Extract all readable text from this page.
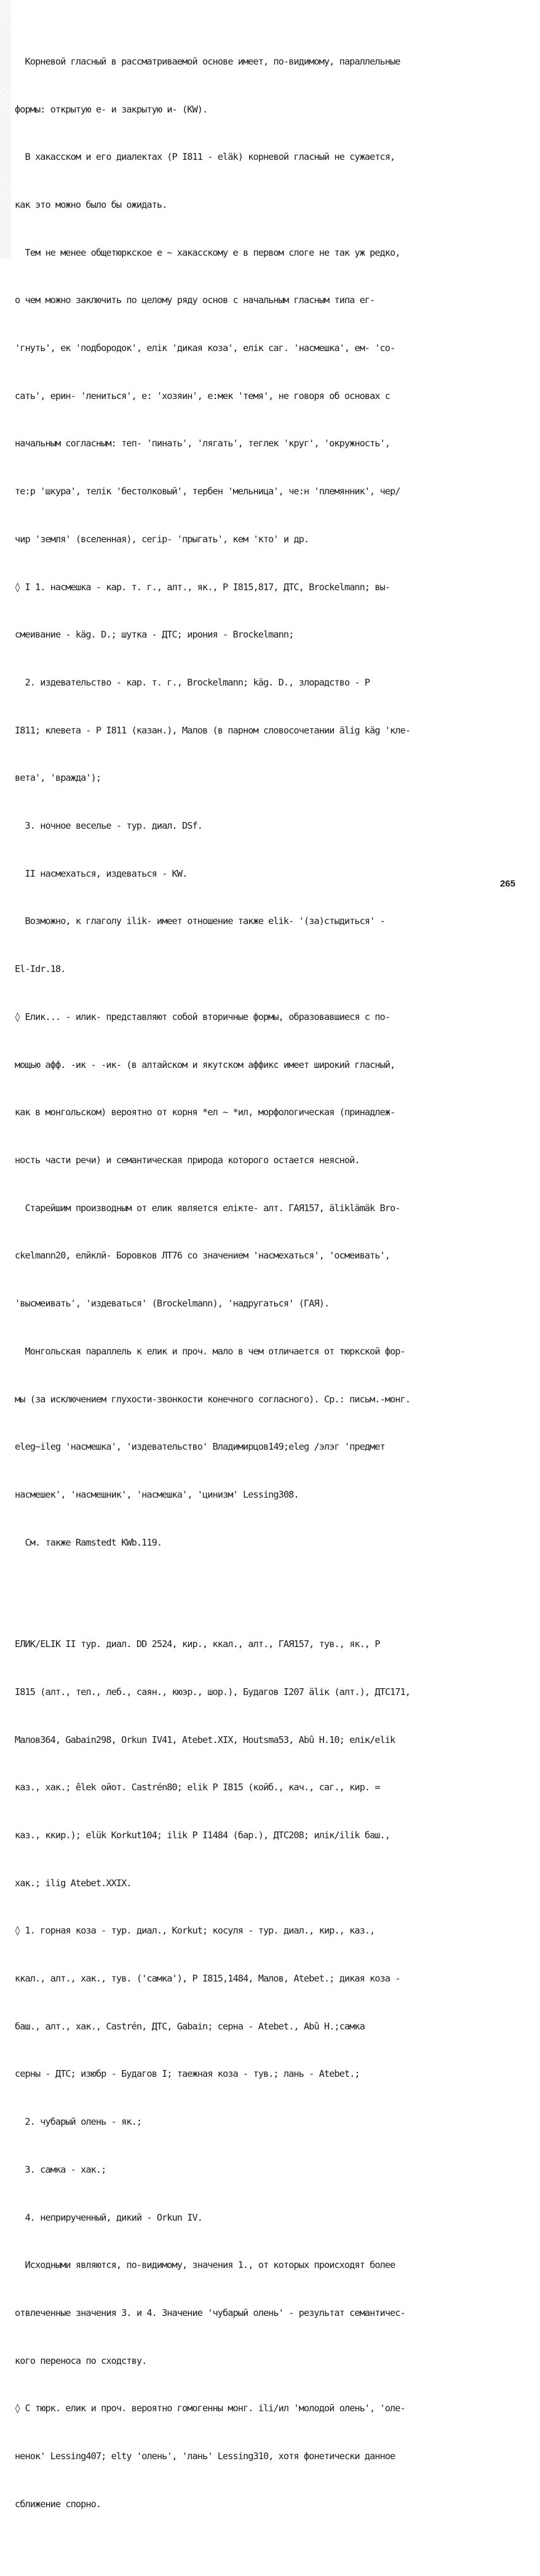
Корневой гласный в рассматриваемой основе имеет, по-видимому, параллельные

формы: открытую е- и закрытую и- (KW).

В хакасском и его диалектах (Р I811 - eläk) корневой гласный не сужается,

как это можно было бы ожидать.

Тем не менее общетюркское е ~ хакасскому е в первом слоге не так уж редко,

о чем можно заключить по целому ряду основ с начальным гласным типа ег-

'гнуть', ек 'подбородок', елiк 'дикая коза', елiк саг. 'насмешка', ем- 'со-

сать', ерин- 'лениться', е: 'хозяин', е:мек 'темя', не говоря об основах с

начальным согласным: теп- 'пинать', 'лягать', теглек 'круг', 'окружность',

те:р 'шкура', телiк 'бестолковый', тербен 'мельница', че:н 'племянник', чер/

чир 'земля' (вселенная), сегiр- 'прыгать', кем 'кто' и др.

◊ I 1. насмешка - кар. т. г., алт., як., Р I815,817, ДТС, Brockelmann; вы-

смеивание - käg. D.; шутка - ДТС; ирония - Brockelmann;

2. издевательство - кар. т. г., Brockelmann; käg. D., злорадство - Р

I811; клевета - Р I811 (казан.), Малов (в парном словосочетании älig käg 'кле-

вета', 'вражда');

3. ночное веселье - тур. диал. DSf.

II насмехаться, издеваться - KW.

Возможно, к глаголу ilik- имеет отношение также elik- '(за)стыдиться' -

El-Idr.18.

◊ Елик... - илик- представляют собой вторичные формы, образовавшиеся с по-

мощью афф. -ик - -ик- (в алтайском и якутском аффикс имеет широкий гласный,

как в монгольском) вероятно от корня *ел ~ *ил, морфологическая (принадлеж-

ность части речи) и семантическая природа которого остается неясной.

Старейшим производным от елик является елiкте- алт. ГАЯ157, äliklämäk Bro-

ckelmann20, елйклй- Боровков ЛТ76 со значением 'насмехаться', 'осмеивать',

'высмеивать', 'издеваться' (Brockelmann), 'надругаться' (ГАЯ).

Монгольская параллель к елик и проч. мало в чем отличается от тюркской фор-

мы (за исключением глухости-звонкости конечного согласного). Ср.: письм.-монг.

eleg~ileg 'насмешка', 'издевательство' Владимирцов149;eleg /элэг 'предмет

насмешек', 'насмешник', 'насмешка', 'цинизм' Lessing308.

См. также Ramstedt KWb.119.

ЕЛИК/ELIK II тур. диал. DD 2524, кир., ккал., алт., ГАЯ157, тув., як., Р

I815 (алт., тел., леб., саян., кюэр., шор.), Будагов I207 äliк (алт.), ДТС171,

Малов364, Gabain298, Orkun IV41, Atebet.XIX, Houtsma53, Abû H.10; елiк/elik

каз., хак.; êlek ойот. Castrén80; elik Р I815 (койб., кач., саг., кир. =

каз., ккир.); elük Korkut104; ilik Р I1484 (бар.), ДТС208; илiк/ilik баш.,

хак.; ilig Atebet.XXIX.

◊ 1. горная коза - тур. диал., Korkut; косуля - тур. диал., кир., каз.,

ккал., алт., хак., тув. ('самка'), Р I815,1484, Малов, Atebet.; дикая коза -

баш., алт., хак., Castrén, ДТС, Gabain; серна - Atebet., Abû H.;самка

серны - ДТС; изюбр - Будагов I; таежная коза - тув.; лань - Atebet.;

2. чубарый олень - як.;

3. самка - хак.;

4. неприрученный, дикий - Orkun IV.

Исходными являются, по-видимому, значения 1., от которых происходят более

отвлеченные значения 3. и 4. Значение 'чубарый олень' - результат семантичес-

кого переноса по сходству.

◊ С тюрк. елик и проч. вероятно гомогенны монг. ili/ил 'молодой олень', 'оле-

ненок' Lessing407; elty 'олень', 'лань' Lessing310, хотя фонетически данное

сближение спорно.

265
